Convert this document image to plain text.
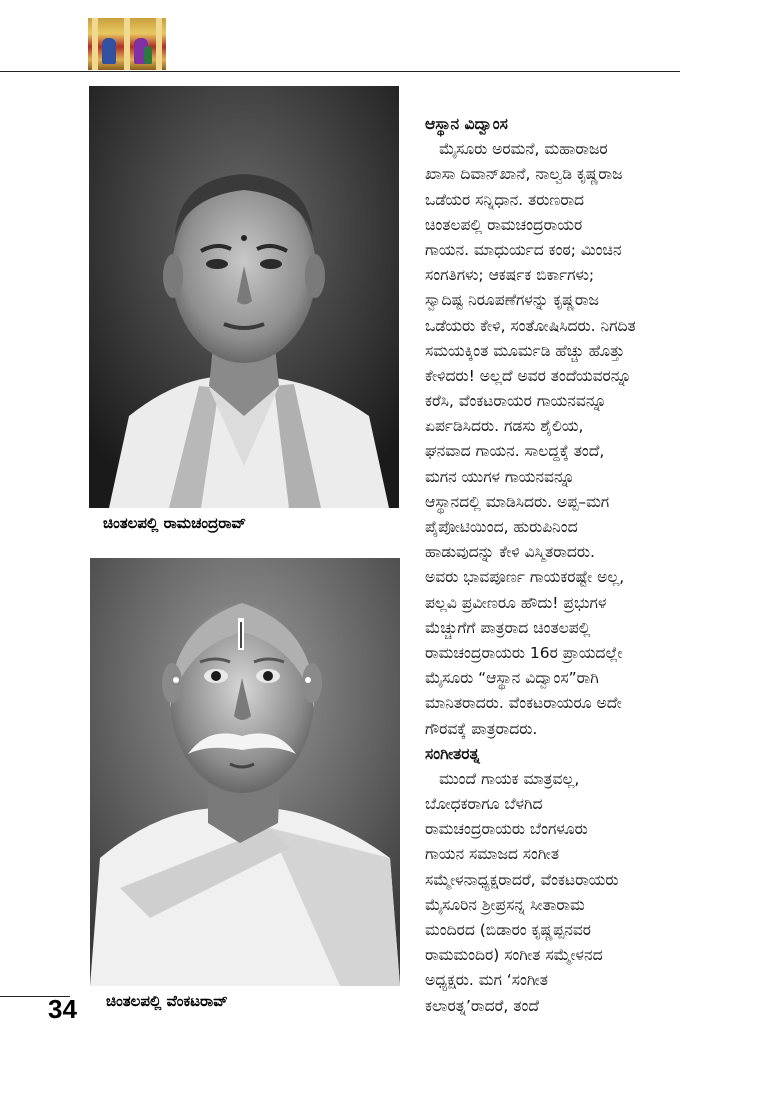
ಚಿಂತಲಪಲ್ಲಿ ರಾಮಚಂದ್ರರಾವ್
ಚಿಂತಲಪಲ್ಲಿ ವೆಂಕಟರಾವ್
ಆಸ್ಥಾನ ವಿದ್ವಾಂಸ
ಮೈಸೂರು ಅರಮನೆ, ಮಹಾರಾಜರ
ಖಾಸಾ ದಿವಾನ್‌ಖಾನೆ, ನಾಲ್ವಡಿ ಕೃಷ್ಣರಾಜ
ಒಡೆಯರ ಸನ್ನಿಧಾನ. ತರುಣರಾದ
ಚಿಂತಲಪಲ್ಲಿ ರಾಮಚಂದ್ರರಾಯರ
ಗಾಯನ. ಮಾಧುರ್ಯದ ಕಂಠ; ಮಿಂಚಿನ
ಸಂಗತಿಗಳು; ಆಕರ್ಷಕ ಬಿರ್ಕಾಗಳು;
ಸ್ವಾದಿಷ್ಟ ನಿರೂಪಣೆಗಳನ್ನು ಕೃಷ್ಣರಾಜ
ಒಡೆಯರು ಕೇಳಿ, ಸಂತೋಷಿಸಿದರು. ನಿಗದಿತ
ಸಮಯಕ್ಕಿಂತ ಮೂರ್ಮಡಿ ಹೆಚ್ಚು ಹೊತ್ತು
ಕೇಳಿದರು! ಅಲ್ಲದೆ ಅವರ ತಂದೆಯವರನ್ನೂ
ಕರೆಸಿ, ವೆಂಕಟರಾಯರ ಗಾಯನವನ್ನೂ
ಏರ್ಪಡಿಸಿದರು. ಗಡಸು ಶೈಲಿಯ,
ಘನವಾದ ಗಾಯನ. ಸಾಲದ್ದಕ್ಕೆ ತಂದೆ,
ಮಗನ ಯುಗಳ ಗಾಯನವನ್ನೂ
ಆಸ್ಥಾನದಲ್ಲಿ ಮಾಡಿಸಿದರು. ಅಪ್ಪ–ಮಗ
ಪೈಪೋಟಿಯಿಂದ, ಹುರುಪಿನಿಂದ
ಹಾಡುವುದನ್ನು ಕೇಳಿ ವಿಸ್ಮಿತರಾದರು.
ಅವರು ಭಾವಪೂರ್ಣ ಗಾಯಕರಷ್ಟೇ ಅಲ್ಲ,
ಪಲ್ಲವಿ ಪ್ರವೀಣರೂ ಹೌದು! ಪ್ರಭುಗಳ
ಮೆಚ್ಚುಗೆಗೆ ಪಾತ್ರರಾದ ಚಿಂತಲಪಲ್ಲಿ
ರಾಮಚಂದ್ರರಾಯರು 16ರ ಪ್ರಾಯದಲ್ಲೇ
ಮೈಸೂರು “ಆಸ್ಥಾನ ವಿದ್ವಾಂಸ”ರಾಗಿ
ಮಾನಿತರಾದರು. ವೆಂಕಟರಾಯರೂ ಅದೇ
ಗೌರವಕ್ಕೆ ಪಾತ್ರರಾದರು.
ಸಂಗೀತರತ್ನ
ಮುಂದೆ ಗಾಯಕ ಮಾತ್ರವಲ್ಲ,
ಬೋಧಕರಾಗೂ ಬೆಳಗಿದ
ರಾಮಚಂದ್ರರಾಯರು ಬೆಂಗಳೂರು
ಗಾಯನ ಸಮಾಜದ ಸಂಗೀತ
ಸಮ್ಮೇಳನಾಧ್ಯಕ್ಷರಾದರೆ, ವೆಂಕಟರಾಯರು
ಮೈಸೂರಿನ ಶ್ರೀಪ್ರಸನ್ನ ಸೀತಾರಾಮ
ಮಂದಿರದ (ಬಿಡಾರಂ ಕೃಷ್ಣಪ್ಪನವರ
ರಾಮಮಂದಿರ) ಸಂಗೀತ ಸಮ್ಮೇಳನದ
ಅಧ್ಯಕ್ಷರು. ಮಗ ‘ಸಂಗೀತ
ಕಲಾರತ್ನ’ರಾದರೆ, ತಂದೆ
34
